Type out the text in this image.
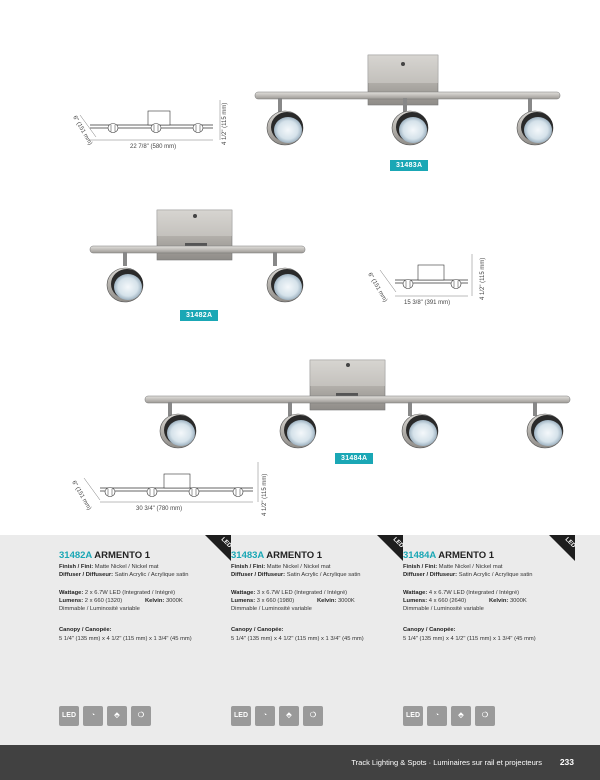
31483A
22 7/8" (580 mm)
4 1/2" (115 mm)
6" (151 mm)
31482A
15 3/8" (391 mm)
4 1/2" (115 mm)
6" (151 mm)
31484A
30 3/4" (780 mm)	4 1/2" (115 mm)
6" (151 mm)
LED
31482A ARMENTO 1
Finish / Fini: Matte Nickel / Nickel mat
Diffuser / Diffuseur: Satin Acrylic / Acrylique satin
Wattage: 2 x 6.7W LED (Integrated / Intégré)
Lumens: 2 x 660 (1320)	Kelvin: 3000K
Dimmable / Luminosité variable
Canopy / Canopée:
5 1/4" (135 mm) x 4 1/2" (115 mm) x 1 3/4" (45 mm)
LED	◔	⬘	❍
LED
31483A ARMENTO 1
Finish / Fini: Matte Nickel / Nickel mat
Diffuser / Diffuseur: Satin Acrylic / Acrylique satin
Wattage: 3 x 6.7W LED (Integrated / Intégré)
Lumens: 3 x 660 (1980)	Kelvin: 3000K
Dimmable / Luminosité variable
Canopy / Canopée:
5 1/4" (135 mm) x 4 1/2" (115 mm) x 1 3/4" (45 mm)
LED	◔	⬘	❍
LED
31484A ARMENTO 1
Finish / Fini: Matte Nickel / Nickel mat
Diffuser / Diffuseur: Satin Acrylic / Acrylique satin
Wattage: 4 x 6.7W LED (Integrated / Intégré)
Lumens: 4 x 660 (2640)	Kelvin: 3000K
Dimmable / Luminosité variable
Canopy / Canopée:
5 1/4" (135 mm) x 4 1/2" (115 mm) x 1 3/4" (45 mm)
LED	◔	⬘	❍
Track Lighting & Spots · Luminaires sur rail et projecteurs 233
